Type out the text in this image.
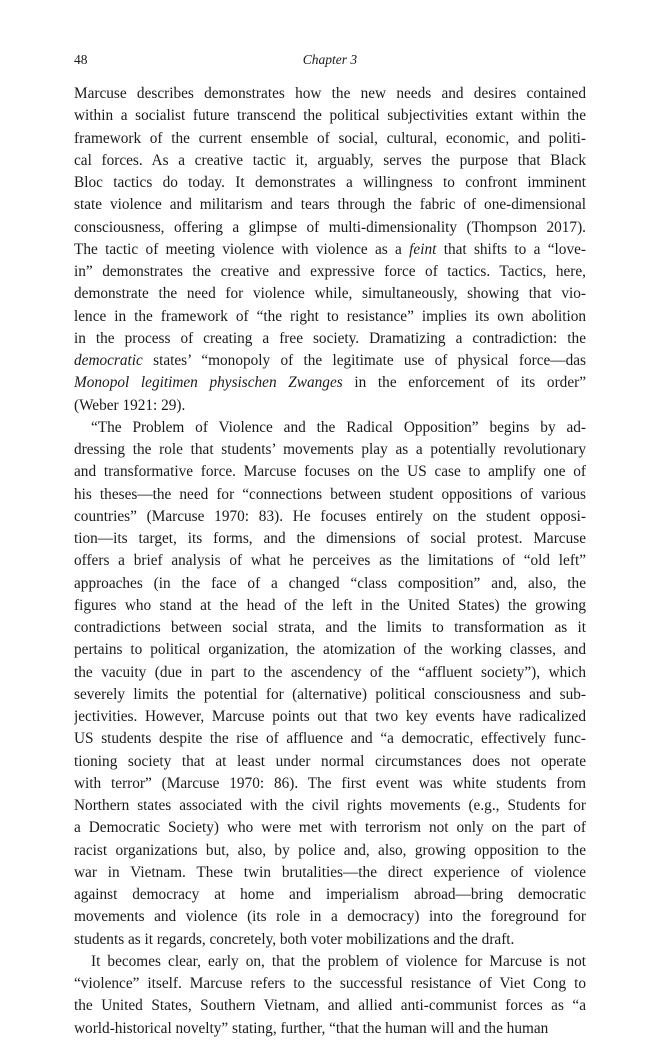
48	Chapter 3
Marcuse describes demonstrates how the new needs and desires contained
within a socialist future transcend the political subjectivities extant within the
framework of the current ensemble of social, cultural, economic, and politi-
cal forces. As a creative tactic it, arguably, serves the purpose that Black
Bloc tactics do today. It demonstrates a willingness to confront imminent
state violence and militarism and tears through the fabric of one-dimensional
consciousness, offering a glimpse of multi-dimensionality (Thompson 2017).
The tactic of meeting violence with violence as a feint that shifts to a “love-
in” demonstrates the creative and expressive force of tactics. Tactics, here,
demonstrate the need for violence while, simultaneously, showing that vio-
lence in the framework of “the right to resistance” implies its own abolition
in the process of creating a free society. Dramatizing a contradiction: the
democratic states’ “monopoly of the legitimate use of physical force—das
Monopol legitimen physischen Zwanges in the enforcement of its order”
(Weber 1921: 29).
“The Problem of Violence and the Radical Opposition” begins by ad-
dressing the role that students’ movements play as a potentially revolutionary
and transformative force. Marcuse focuses on the US case to amplify one of
his theses—the need for “connections between student oppositions of various
countries” (Marcuse 1970: 83). He focuses entirely on the student opposi-
tion—its target, its forms, and the dimensions of social protest. Marcuse
offers a brief analysis of what he perceives as the limitations of “old left”
approaches (in the face of a changed “class composition” and, also, the
figures who stand at the head of the left in the United States) the growing
contradictions between social strata, and the limits to transformation as it
pertains to political organization, the atomization of the working classes, and
the vacuity (due in part to the ascendency of the “affluent society”), which
severely limits the potential for (alternative) political consciousness and sub-
jectivities. However, Marcuse points out that two key events have radicalized
US students despite the rise of affluence and “a democratic, effectively func-
tioning society that at least under normal circumstances does not operate
with terror” (Marcuse 1970: 86). The first event was white students from
Northern states associated with the civil rights movements (e.g., Students for
a Democratic Society) who were met with terrorism not only on the part of
racist organizations but, also, by police and, also, growing opposition to the
war in Vietnam. These twin brutalities—the direct experience of violence
against democracy at home and imperialism abroad—bring democratic
movements and violence (its role in a democracy) into the foreground for
students as it regards, concretely, both voter mobilizations and the draft.
It becomes clear, early on, that the problem of violence for Marcuse is not
“violence” itself. Marcuse refers to the successful resistance of Viet Cong to
the United States, Southern Vietnam, and allied anti-communist forces as “a
world-historical novelty” stating, further, “that the human will and the human
